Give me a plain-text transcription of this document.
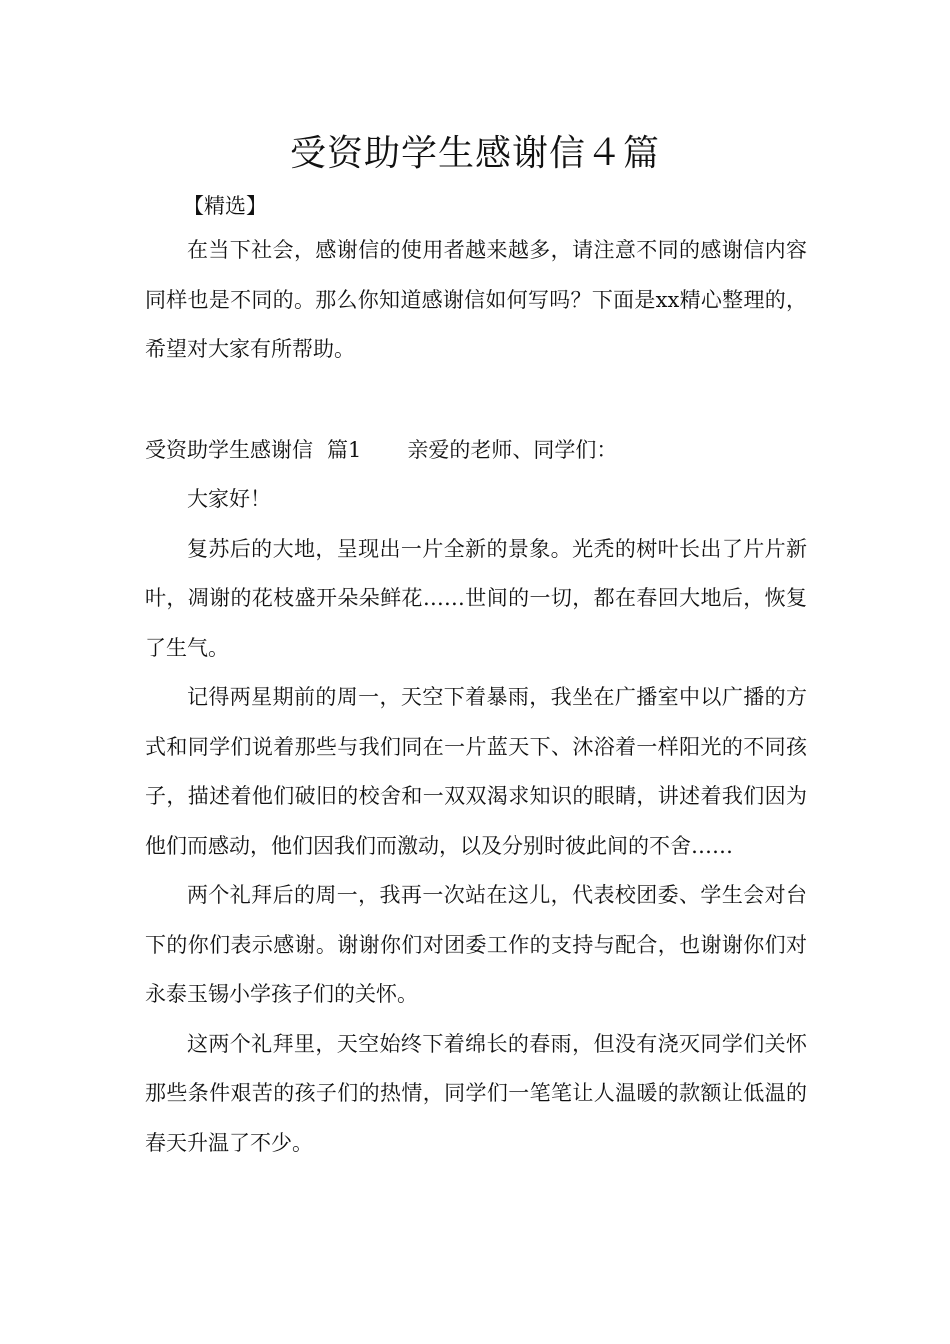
受资助学生感谢信４篇
【精选】

在当下社会，感谢信的使用者越来越多，请注意不同的感谢信内容同样也是不同的。那么你知道感谢信如何写吗？下面是xx精心整理的，希望对大家有所帮助。

受资助学生感谢信 篇1 亲爱的老师、同学们：

大家好！

复苏后的大地，呈现出一片全新的景象。光秃的树叶长出了片片新叶，凋谢的花枝盛开朵朵鲜花……世间的一切，都在春回大地后，恢复了生气。

记得两星期前的周一，天空下着暴雨，我坐在广播室中以广播的方式和同学们说着那些与我们同在一片蓝天下、沐浴着一样阳光的不同孩子，描述着他们破旧的校舍和一双双渴求知识的眼睛，讲述着我们因为他们而感动，他们因我们而激动，以及分别时彼此间的不舍……

两个礼拜后的周一，我再一次站在这儿，代表校团委、学生会对台下的你们表示感谢。谢谢你们对团委工作的支持与配合，也谢谢你们对永泰玉锡小学孩子们的关怀。

这两个礼拜里，天空始终下着绵长的春雨，但没有浇灭同学们关怀那些条件艰苦的孩子们的热情，同学们一笔笔让人温暖的款额让低温的春天升温了不少。
